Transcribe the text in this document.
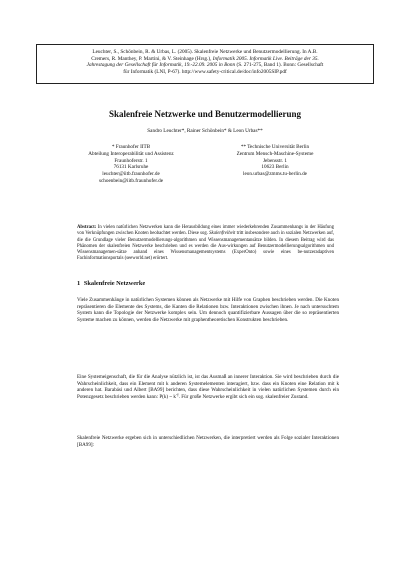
Leuchter, S., Schönbein, R. & Urbas, L. (2005). Skalenfreie Netzwerke und Benutzermodellierung. In A.B.
Cremers, R. Manthey, P. Martini, & V. Steinhage (Hrsg.), Informatik 2005. Informatik Live. Beiträge der 35.
Jahrestagung der Gesellschaft für Informatik, 19.-22.09. 2005 in Bonn (S. 271-275, Band 1). Bonn: Gesellschaft
für Informatik (LNI, P-67). http://www.safety-critical.de/doc/info2005SIP.pdf
Skalenfreie Netzwerke und Benutzermodellierung
Sandro Leuchter*, Rainer Schönbein* & Leon Urbas**
* Fraunhofer IITB
Abteilung Interoperabilität und Assistenz
Fraunhoferstr. 1
76131 Karlsruhe
leuchter@iitb.fraunhofer.de
schoenbein@iitb.fraunhofer.de
** Technische Universität Berlin
Zentrum Mensch-Maschine-Systeme
Jebensstr. 1
10623 Berlin
leon.urbas@zmms.tu-berlin.de
Abstract: In vielen natürlichen Netzwerken kann die Herausbildung eines immer wiederkehrenden Zusammenhangs in der Häufung von Verknüpfungen zwischen Knoten beobachtet werden. Diese sog. Skalenfreiheit tritt insbesondere auch in sozialen Netzwerken auf, die die Grundlage vieler Benutzermodellierungs-algorithmen und Wissensmanagementansätze bilden. In diesem Beitrag wird das Phänomen der skalenfreien Netzwerke beschrieben und es werden die Aus-wirkungen auf Benutzermodellierungsalgorithmen und Wissensmanagemen-sätze anhand eines Wissensmanagementsystems (ExperOnto) sowie eines be-nutzeradaptiven Fachinformationsportals (seeworld.net) erörtert.
1 Skalenfreie Netzwerke
Viele Zusammenhänge in natürlichen Systemen können als Netzwerke mit Hilfe von Graphen beschrieben werden. Die Knoten repräsentieren die Elemente des Systems, die Kanten die Relationen bzw. Interaktionen zwischen ihnen. Je nach untersuchtem System kann die Topologie der Netzwerke komplex sein. Um dennoch quantifizierbare Aussagen über die so repräsentierten Systeme machen zu können, werden die Netzwerke mit graphentheoretischen Konstrukten beschrieben.
Eine Systemeigenschaft, die für die Analyse nützlich ist, ist das Ausmaß an innerer Interaktion. Sie wird beschrieben durch die Wahrscheinlichkeit, dass ein Element mit k anderen Systemelementen interagiert, bzw. dass ein Knoten eine Relation mit k anderen hat. Barabási und Albert [BA99] berichten, dass diese Wahrscheinlichkeit in vielen natürlichen Systemen durch ein Potenzgesetz beschrieben werden kann: P(k) ~ $k^{-\gamma}$. Für große Netzwerke ergibt sich ein sog. skalenfreier Zustand.
Skalenfreie Netzwerke ergeben sich in unterschiedlichen Netzwerken, die interpretiert werden als Folge sozialer Interaktionen [BA99]:
